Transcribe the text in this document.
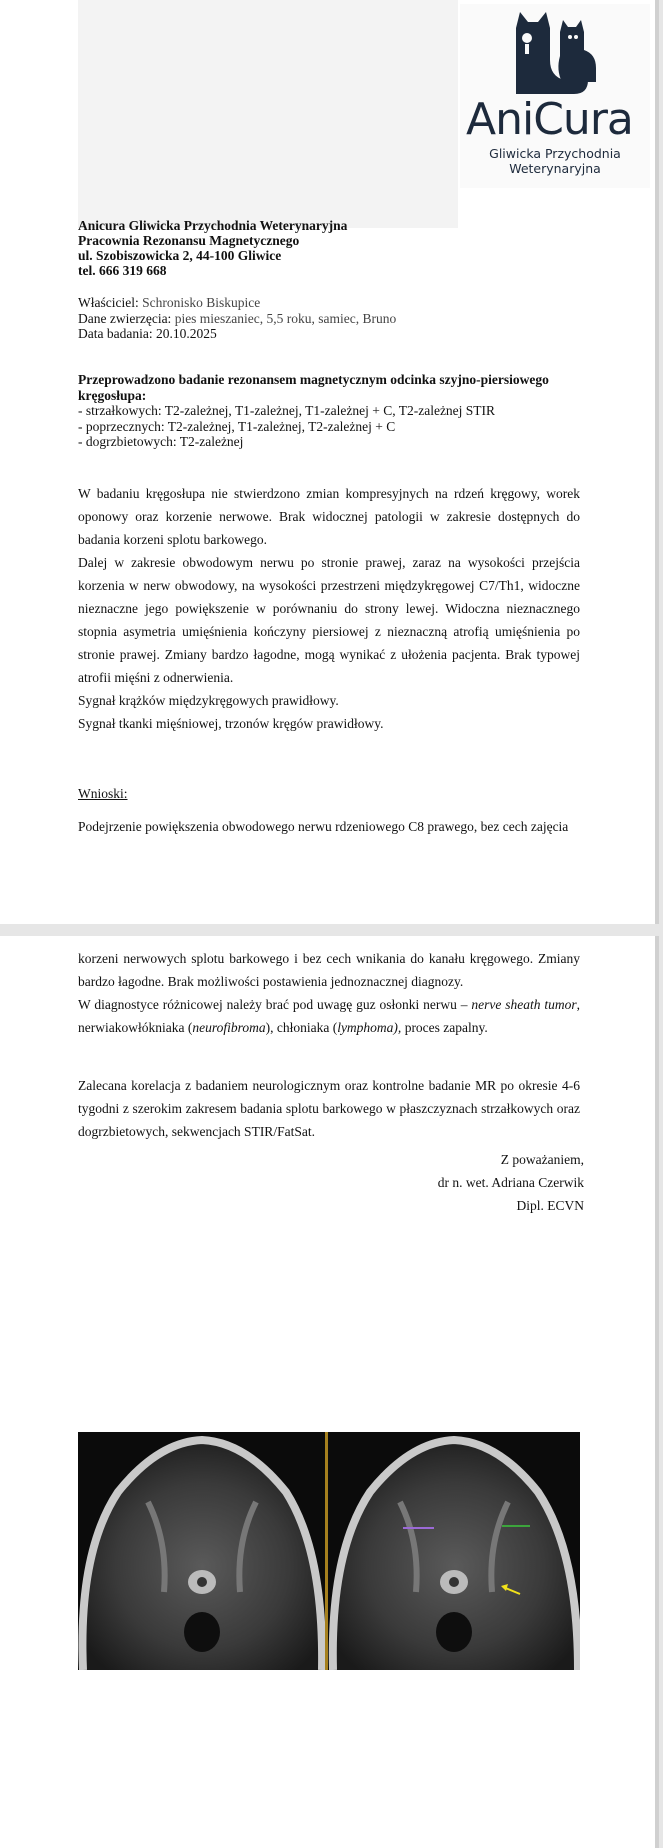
AniCura
Gliwicka Przychodnia
Weterynaryjna
Anicura Gliwicka Przychodnia Weterynaryjna
Pracownia Rezonansu Magnetycznego
ul. Szobiszowicka 2, 44-100 Gliwice
tel. 666 319 668
Właściciel: Schronisko Biskupice
Dane zwierzęcia: pies mieszaniec, 5,5 roku, samiec, Bruno
Data badania: 20.10.2025
Przeprowadzono badanie rezonansem magnetycznym odcinka szyjno-piersiowego kręgosłupa:
- strzałkowych: T2-zależnej, T1-zależnej, T1-zależnej + C, T2-zależnej STIR
- poprzecznych: T2-zależnej, T1-zależnej, T2-zależnej + C
- dogrzbietowych: T2-zależnej
W badaniu kręgosłupa nie stwierdzono zmian kompresyjnych na rdzeń kręgowy, worek oponowy oraz korzenie nerwowe. Brak widocznej patologii w zakresie dostępnych do badania korzeni splotu barkowego.
Dalej w zakresie obwodowym nerwu po stronie prawej, zaraz na wysokości przejścia korzenia w nerw obwodowy, na wysokości przestrzeni międzykręgowej C7/Th1, widoczne nieznaczne jego powiększenie w porównaniu do strony lewej. Widoczna nieznacznego stopnia asymetria umięśnienia kończyny piersiowej z nieznaczną atrofią umięśnienia po stronie prawej. Zmiany bardzo łagodne, mogą wynikać z ułożenia pacjenta. Brak typowej atrofii mięśni z odnerwienia.
Sygnał krążków międzykręgowych prawidłowy.
Sygnał tkanki mięśniowej, trzonów kręgów prawidłowy.
Wnioski:
Podejrzenie powiększenia obwodowego nerwu rdzeniowego C8 prawego, bez cech zajęcia
korzeni nerwowych splotu barkowego i bez cech wnikania do kanału kręgowego. Zmiany bardzo łagodne. Brak możliwości postawienia jednoznacznej diagnozy.
W diagnostyce różnicowej należy brać pod uwagę guz osłonki nerwu – nerve sheath tumor, nerwiakowłókniaka (neurofibroma), chłoniaka (lymphoma), proces zapalny.
Zalecana korelacja z badaniem neurologicznym oraz kontrolne badanie MR po okresie 4-6 tygodni z szerokim zakresem badania splotu barkowego w płaszczyznach strzałkowych oraz dogrzbietowych, sekwencjach STIR/FatSat.
Z poważaniem,
dr n. wet. Adriana Czerwik
Dipl. ECVN
